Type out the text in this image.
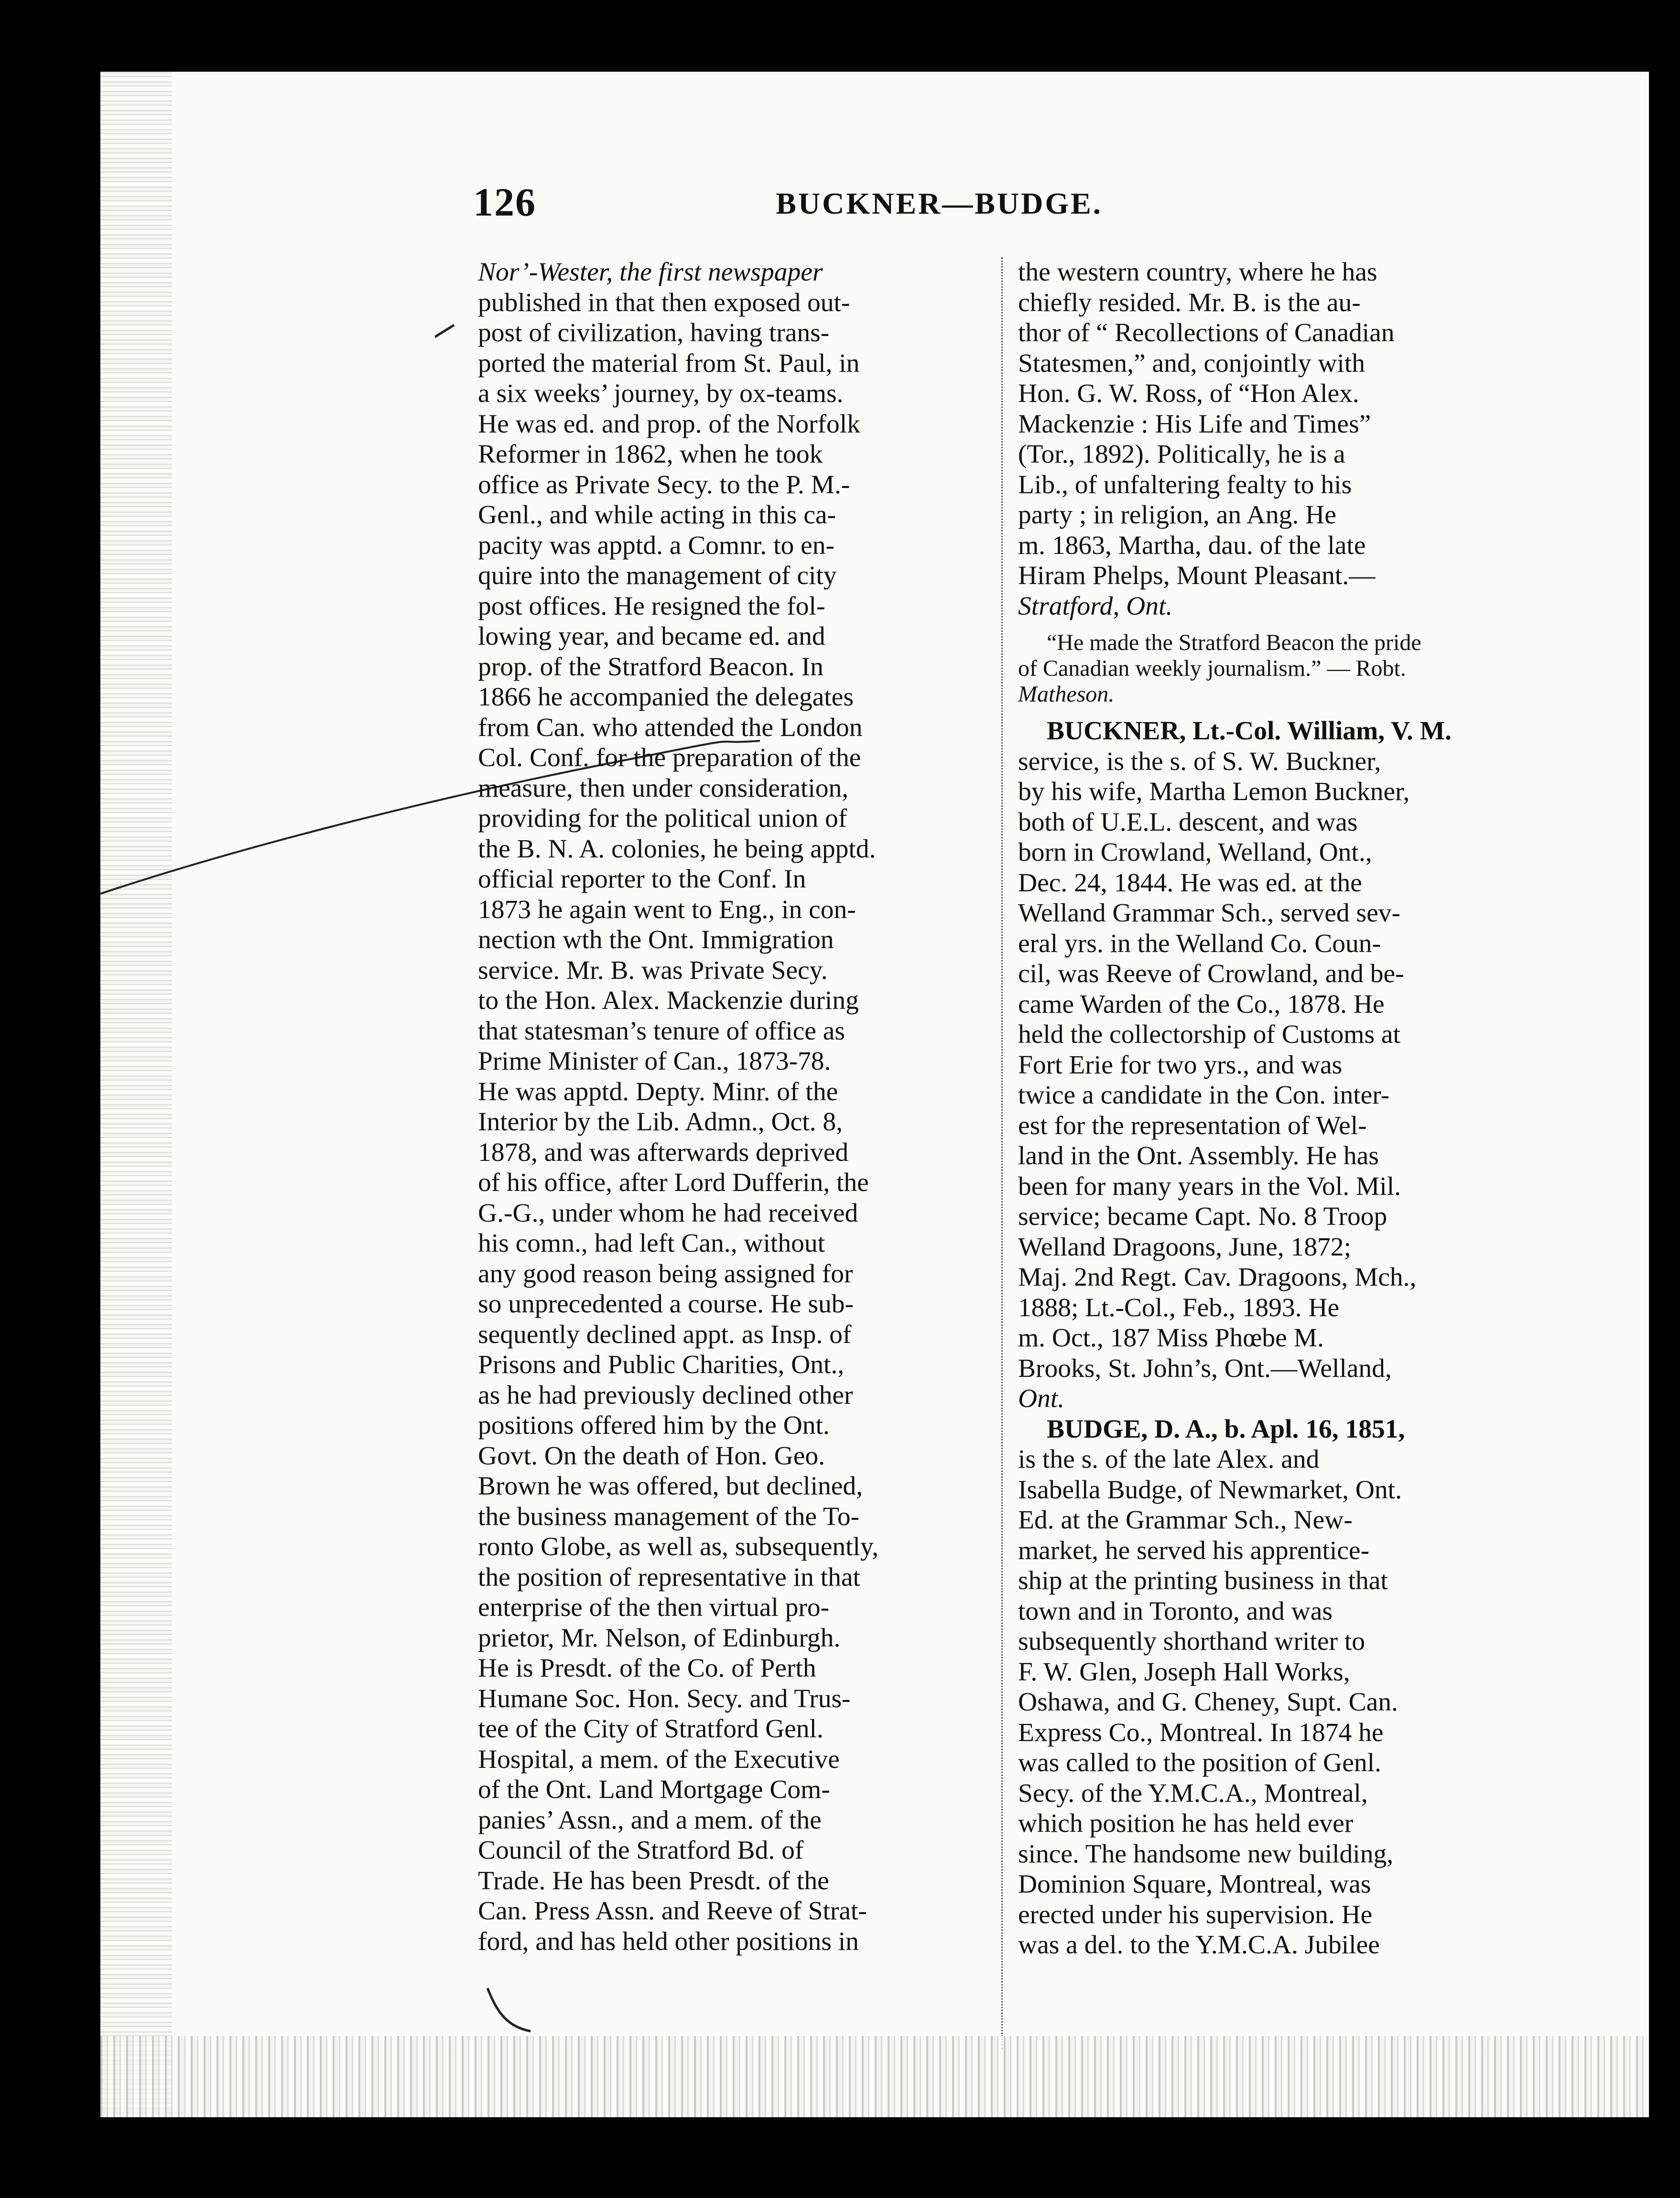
126	BUCKNER—BUDGE.
Nor’-Wester, the first newspaper
published in that then exposed out-
post of civilization, having trans-
ported the material from St. Paul, in
a six weeks’ journey, by ox-teams.
He was ed. and prop. of the Norfolk
Reformer in 1862, when he took
office as Private Secy. to the P. M.-
Genl., and while acting in this ca-
pacity was apptd. a Comnr. to en-
quire into the management of city
post offices. He resigned the fol-
lowing year, and became ed. and
prop. of the Stratford Beacon. In
1866 he accompanied the delegates
from Can. who attended the London
Col. Conf. for the preparation of the
measure, then under consideration,
providing for the political union of
the B. N. A. colonies, he being apptd.
official reporter to the Conf. In
1873 he again went to Eng., in con-
nection wth the Ont. Immigration
service. Mr. B. was Private Secy.
to the Hon. Alex. Mackenzie during
that statesman’s tenure of office as
Prime Minister of Can., 1873-78.
He was apptd. Depty. Minr. of the
Interior by the Lib. Admn., Oct. 8,
1878, and was afterwards deprived
of his office, after Lord Dufferin, the
G.-G., under whom he had received
his comn., had left Can., without
any good reason being assigned for
so unprecedented a course. He sub-
sequently declined appt. as Insp. of
Prisons and Public Charities, Ont.,
as he had previously declined other
positions offered him by the Ont.
Govt. On the death of Hon. Geo.
Brown he was offered, but declined,
the business management of the To-
ronto Globe, as well as, subsequently,
the position of representative in that
enterprise of the then virtual pro-
prietor, Mr. Nelson, of Edinburgh.
He is Presdt. of the Co. of Perth
Humane Soc. Hon. Secy. and Trus-
tee of the City of Stratford Genl.
Hospital, a mem. of the Executive
of the Ont. Land Mortgage Com-
panies’ Assn., and a mem. of the
Council of the Stratford Bd. of
Trade. He has been Presdt. of the
Can. Press Assn. and Reeve of Strat-
ford, and has held other positions in
the western country, where he has
chiefly resided. Mr. B. is the au-
thor of “ Recollections of Canadian
Statesmen,” and, conjointly with
Hon. G. W. Ross, of “Hon Alex.
Mackenzie : His Life and Times”
(Tor., 1892). Politically, he is a
Lib., of unfaltering fealty to his
party ; in religion, an Ang. He
m. 1863, Martha, dau. of the late
Hiram Phelps, Mount Pleasant.—
Stratford, Ont.
“He made the Stratford Beacon the pride
of Canadian weekly journalism.” — Robt.
Matheson.
BUCKNER, Lt.-Col. William, V. M.
service, is the s. of S. W. Buckner,
by his wife, Martha Lemon Buckner,
both of U.E.L. descent, and was
born in Crowland, Welland, Ont.,
Dec. 24, 1844. He was ed. at the
Welland Grammar Sch., served sev-
eral yrs. in the Welland Co. Coun-
cil, was Reeve of Crowland, and be-
came Warden of the Co., 1878. He
held the collectorship of Customs at
Fort Erie for two yrs., and was
twice a candidate in the Con. inter-
est for the representation of Wel-
land in the Ont. Assembly. He has
been for many years in the Vol. Mil.
service; became Capt. No. 8 Troop
Welland Dragoons, June, 1872;
Maj. 2nd Regt. Cav. Dragoons, Mch.,
1888; Lt.-Col., Feb., 1893. He
m. Oct., 187 Miss Phœbe M.
Brooks, St. John’s, Ont.—Welland,
Ont.
BUDGE, D. A., b. Apl. 16, 1851,
is the s. of the late Alex. and
Isabella Budge, of Newmarket, Ont.
Ed. at the Grammar Sch., New-
market, he served his apprentice-
ship at the printing business in that
town and in Toronto, and was
subsequently shorthand writer to
F. W. Glen, Joseph Hall Works,
Oshawa, and G. Cheney, Supt. Can.
Express Co., Montreal. In 1874 he
was called to the position of Genl.
Secy. of the Y.M.C.A., Montreal,
which position he has held ever
since. The handsome new building,
Dominion Square, Montreal, was
erected under his supervision. He
was a del. to the Y.M.C.A. Jubilee
